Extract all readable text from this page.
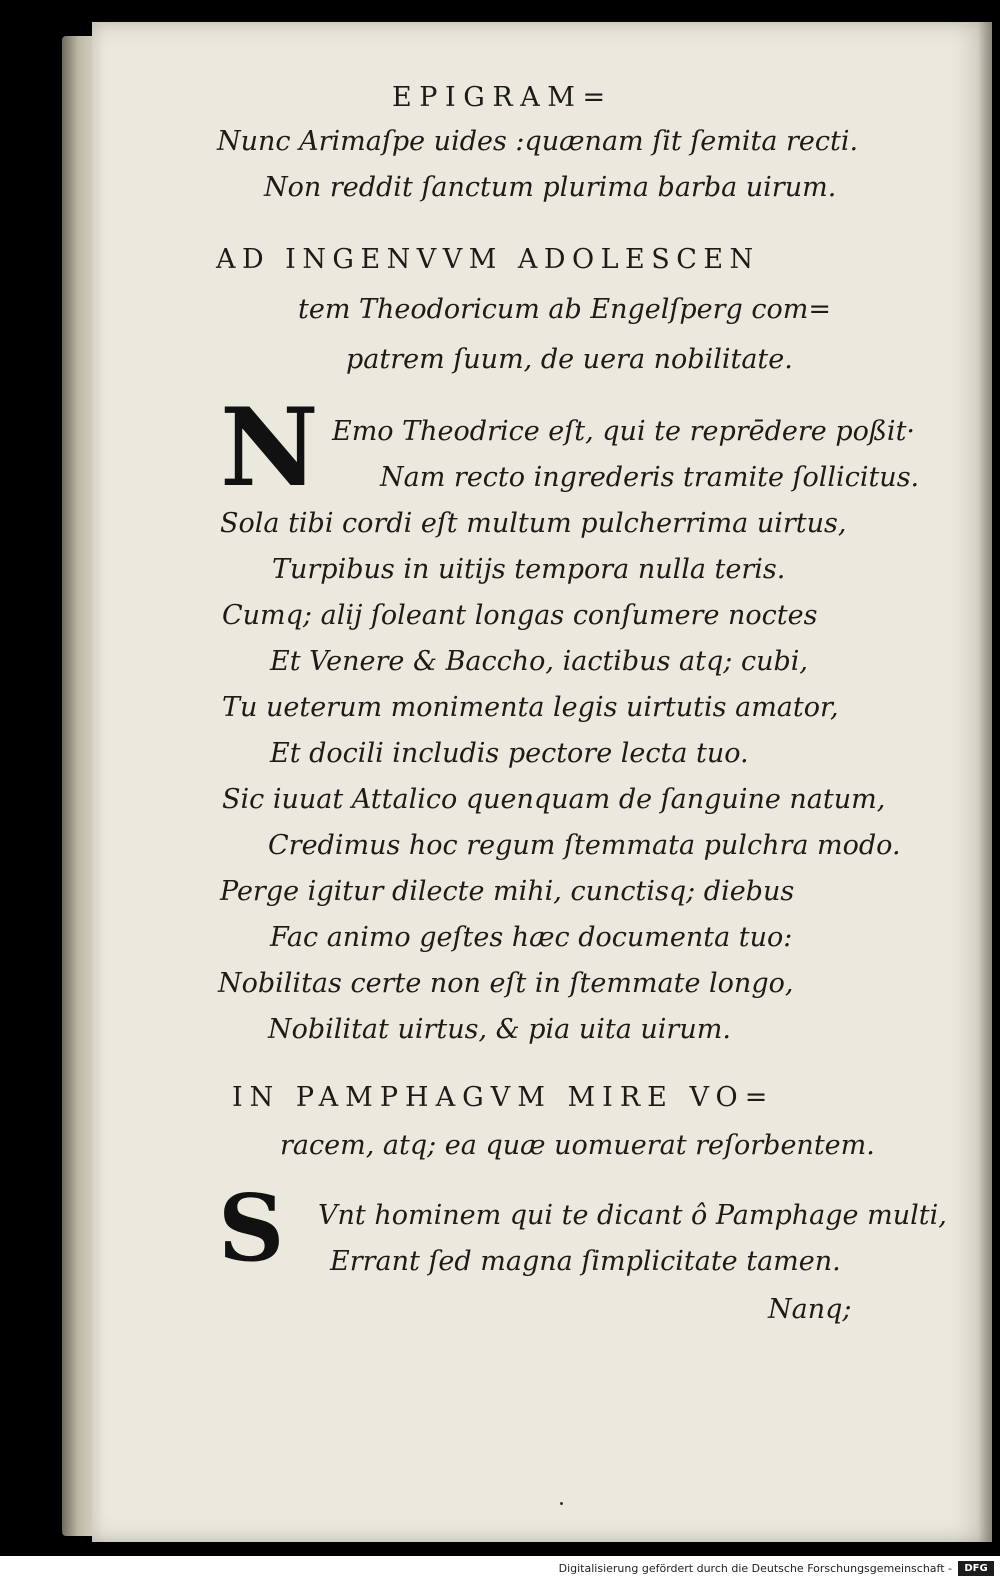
EPIGRAM=
Nunc Arimaſpe uides :quænam ſit ſemita recti.
Non reddit ſanctum plurima barba uirum.
AD INGENVVM ADOLESCEN
tem Theodoricum ab Engelſperg com=
patrem ſuum, de uera nobilitate.
N Emo Theodrice eſt, qui te reprēdere poßit·
Nam recto ingrederis tramite ſollicitus.
Sola tibi cordi eſt multum pulcherrima uirtus,
Turpibus in uitijs tempora nulla teris.
Cumq; alij ſoleant longas conſumere noctes
Et Venere & Baccho, iactibus atq; cubi,
Tu ueterum monimenta legis uirtutis amator,
Et docili includis pectore lecta tuo.
Sic iuuat Attalico quenquam de ſanguine natum,
Credimus hoc regum ſtemmata pulchra modo.
Perge igitur dilecte mihi, cunctisq; diebus
Fac animo geſtes hæc documenta tuo:
Nobilitas certe non eſt in ſtemmate longo,
Nobilitat uirtus, & pia uita uirum.
IN PAMPHAGVM MIRE VO=
racem, atq; ea quæ uomuerat reſorbentem.
S Vnt hominem qui te dicant ô Pamphage multi,
Errant ſed magna ſimplicitate tamen.
Nanq;
Digitalisierung gefördert durch die Deutsche Forschungsgemeinschaft -	DFG
